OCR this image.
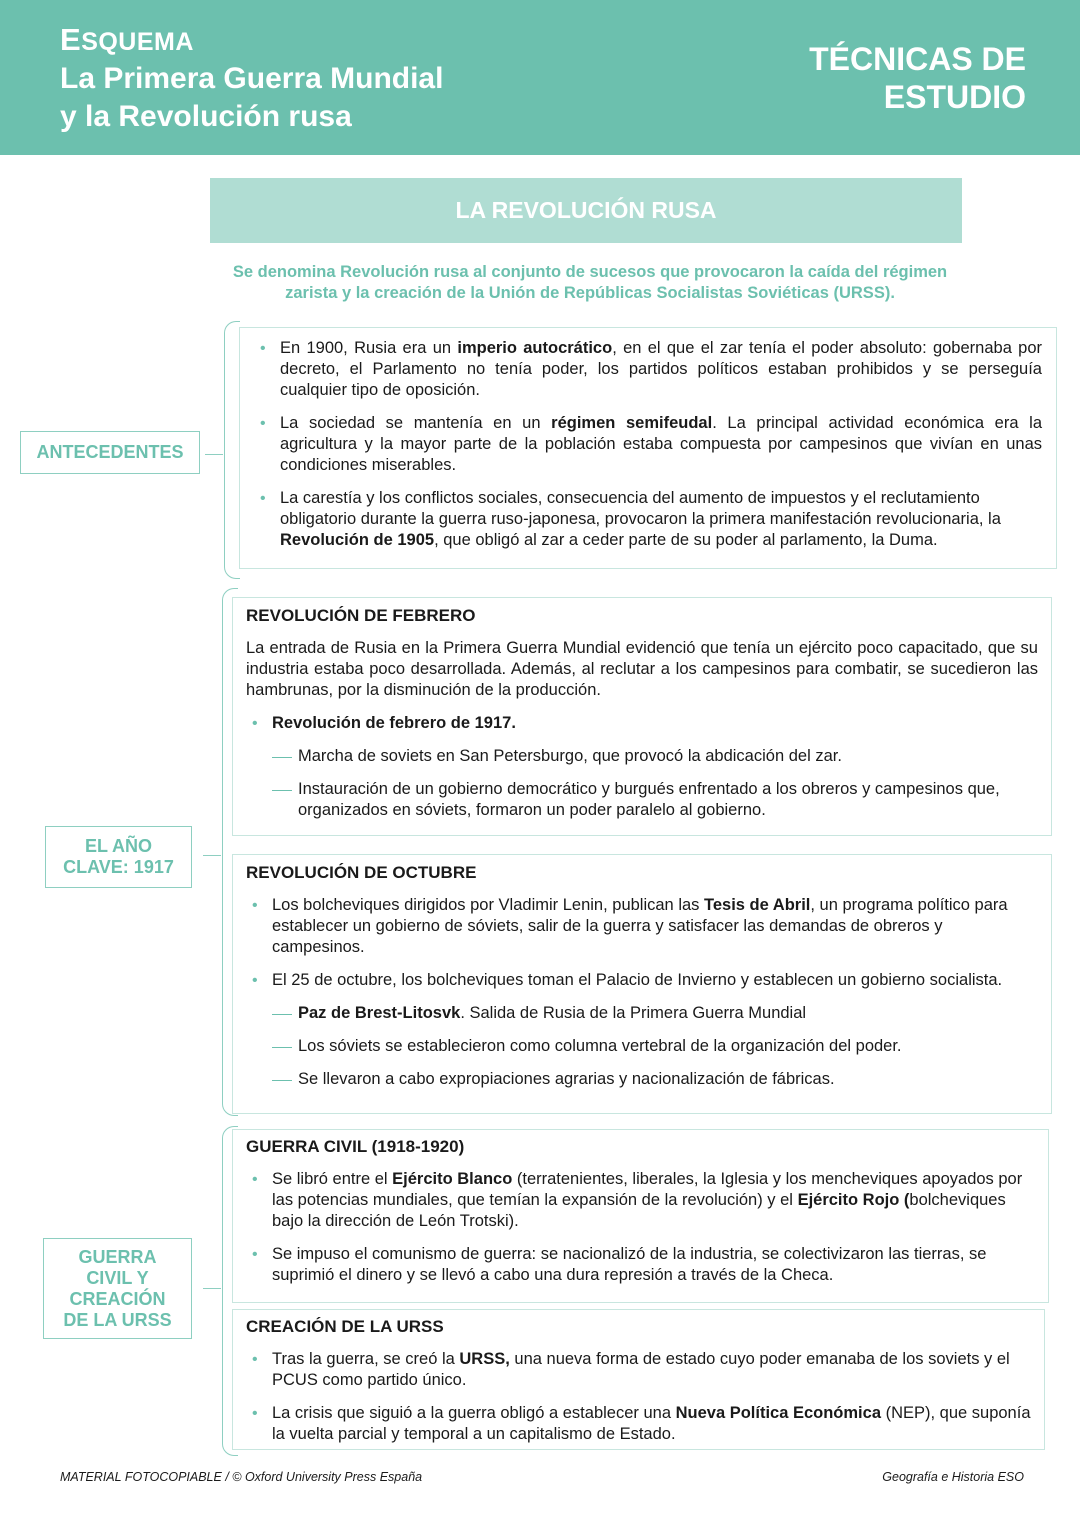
ESQUEMA
La Primera Guerra Mundial
y la Revolución rusa
TÉCNICAS DE
ESTUDIO
LA REVOLUCIÓN RUSA
Se denomina Revolución rusa al conjunto de sucesos que provocaron la caída del régimen
zarista y la creación de la Unión de Repúblicas Socialistas Soviéticas (URSS).
ANTECEDENTES
• En 1900, Rusia era un imperio autocrático, en el que el zar tenía el poder absoluto: gobernaba por decreto, el Parlamento no tenía poder, los partidos políticos estaban prohibidos y se perseguía cualquier tipo de oposición.
• La sociedad se mantenía en un régimen semifeudal. La principal actividad económica era la agricultura y la mayor parte de la población estaba compuesta por campesinos que vivían en unas condiciones miserables.
• La carestía y los conflictos sociales, consecuencia del aumento de impuestos y el reclutamiento obligatorio durante la guerra ruso-japonesa, provocaron la primera manifestación revolucionaria, la Revolución de 1905, que obligó al zar a ceder parte de su poder al parlamento, la Duma.
EL AÑO
CLAVE: 1917
REVOLUCIÓN DE FEBRERO
La entrada de Rusia en la Primera Guerra Mundial evidenció que tenía un ejército poco capacitado, que su industria estaba poco desarrollada. Además, al reclutar a los campesinos para combatir, se sucedieron las hambrunas, por la disminución de la producción.
• Revolución de febrero de 1917.
Marcha de soviets en San Petersburgo, que provocó la abdicación del zar.
Instauración de un gobierno democrático y burgués enfrentado a los obreros y campesinos que, organizados en sóviets, formaron un poder paralelo al gobierno.
REVOLUCIÓN DE OCTUBRE
• Los bolcheviques dirigidos por Vladimir Lenin, publican las Tesis de Abril, un programa político para establecer un gobierno de sóviets, salir de la guerra y satisfacer las demandas de obreros y campesinos.
• El 25 de octubre, los bolcheviques toman el Palacio de Invierno y establecen un gobierno socialista.
Paz de Brest-Litosvk. Salida de Rusia de la Primera Guerra Mundial
Los sóviets se establecieron como columna vertebral de la organización del poder.
Se llevaron a cabo expropiaciones agrarias y nacionalización de fábricas.
GUERRA
CIVIL Y
CREACIÓN
DE LA URSS
GUERRA CIVIL (1918-1920)
• Se libró entre el Ejército Blanco (terratenientes, liberales, la Iglesia y los mencheviques apoyados por las potencias mundiales, que temían la expansión de la revolución) y el Ejército Rojo (bolcheviques bajo la dirección de León Trotski).
• Se impuso el comunismo de guerra: se nacionalizó de la industria, se colectivizaron las tierras, se suprimió el dinero y se llevó a cabo una dura represión a través de la Checa.
CREACIÓN DE LA URSS
• Tras la guerra, se creó la URSS, una nueva forma de estado cuyo poder emanaba de los soviets y el PCUS como partido único.
• La crisis que siguió a la guerra obligó a establecer una Nueva Política Económica (NEP), que suponía la vuelta parcial y temporal a un capitalismo de Estado.
MATERIAL FOTOCOPIABLE / © Oxford University Press España	Geografía e Historia ESO
